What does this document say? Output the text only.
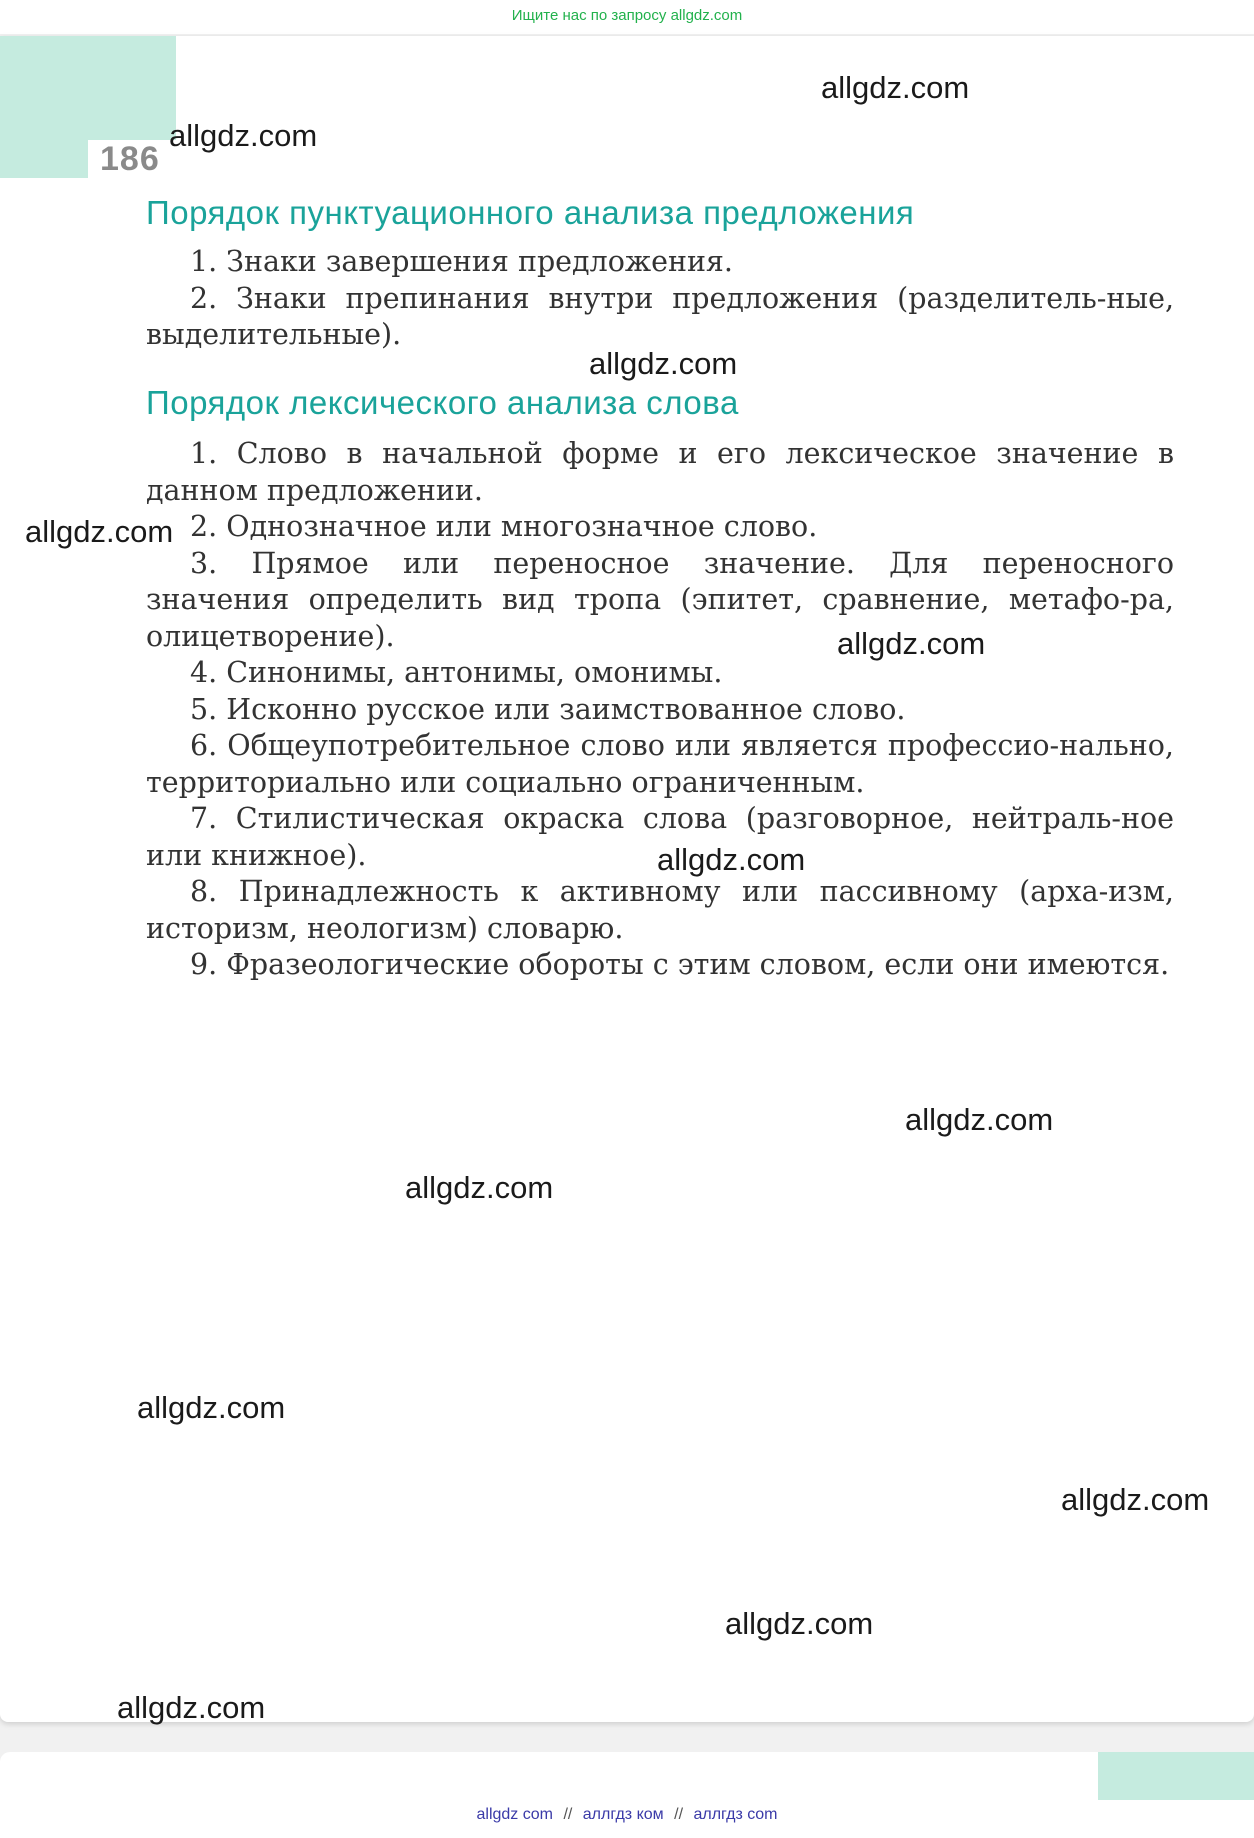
Ищите нас по запросу allgdz.com
186
Порядок пунктуационного анализа предложения

1. Знаки завершения предложения.

2. Знаки препинания внутри предложения (разделитель-ные, выделительные).

Порядок лексического анализа слова

1. Слово в начальной форме и его лексическое значение в данном предложении.

2. Однозначное или многозначное слово.

3. Прямое или переносное значение. Для переносного значения определить вид тропа (эпитет, сравнение, метафо-ра, олицетворение).

4. Синонимы, антонимы, омонимы.

5. Исконно русское или заимствованное слово.

6. Общеупотребительное слово или является профессио-нально, территориально или социально ограниченным.

7. Стилистическая окраска слова (разговорное, нейтраль-ное или книжное).

8. Принадлежность к активному или пассивному (арха-изм, историзм, неологизм) словарю.

9. Фразеологические обороты с этим словом, если они имеются.

allgdz.com
allgdz.com
allgdz.com
allgdz.com
allgdz.com
allgdz.com
allgdz.com
allgdz.com
allgdz.com
allgdz.com
allgdz.com
allgdz.com
allgdz com // аллгдз ком // аллгдз com
